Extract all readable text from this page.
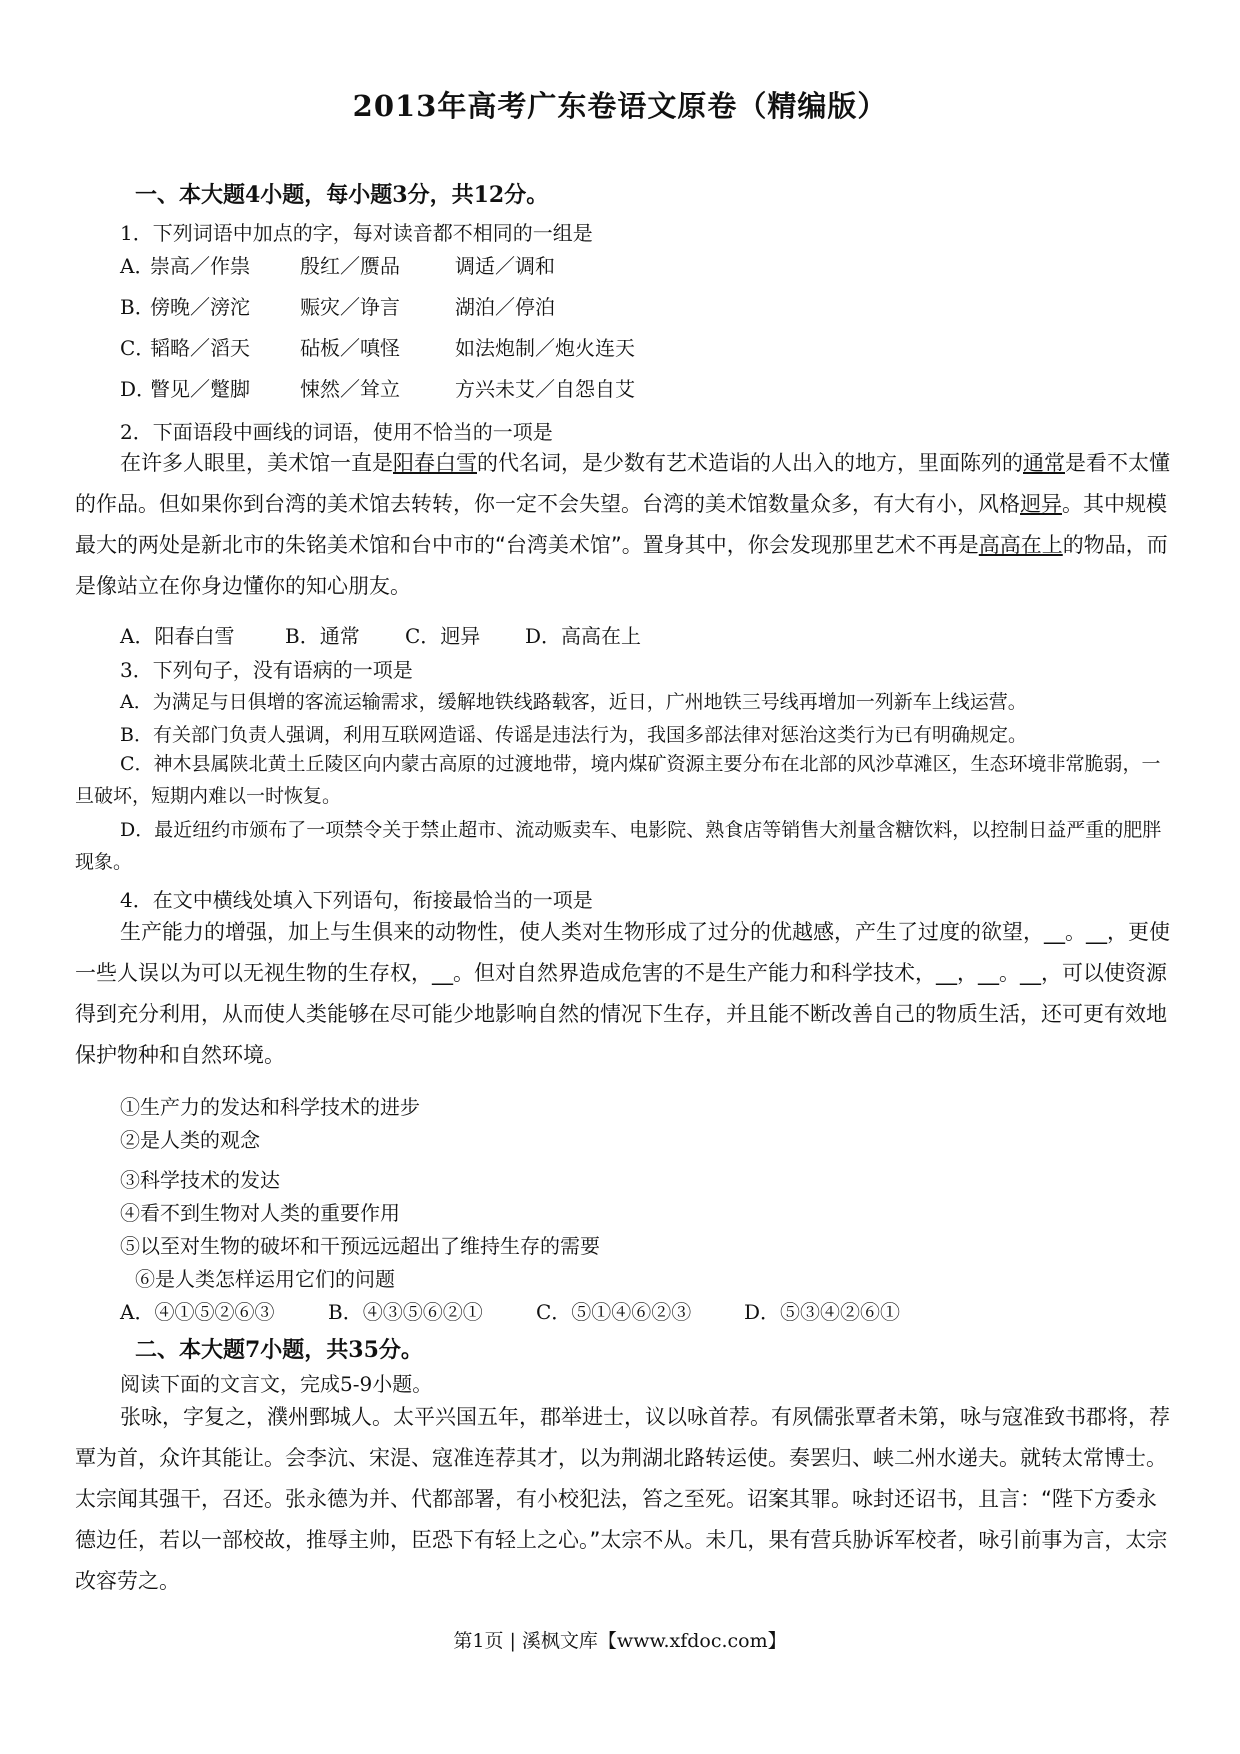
2013年高考广东卷语文原卷（精编版）
一、本大题4小题，每小题3分，共12分。
1．下列词语中加点的字，每对读音都不相同的一组是
A．崇高／作祟	殷红／赝品	调适／调和
B．傍晚／滂沱	赈灾／诤言	湖泊／停泊
C．韬略／滔天	砧板／嗔怪	如法炮制／炮火连天
D．瞥见／蹩脚	悚然／耸立	方兴未艾／自怨自艾
2．下面语段中画线的词语，使用不恰当的一项是

在许多人眼里，美术馆一直是阳春白雪的代名词，是少数有艺术造诣的人出入的地方，里面陈列的通常是看不太懂的作品。但如果你到台湾的美术馆去转转，你一定不会失望。台湾的美术馆数量众多，有大有小，风格迥异。其中规模最大的两处是新北市的朱铭美术馆和台中市的“台湾美术馆”。置身其中，你会发现那里艺术不再是高高在上的物品，而是像站立在你身边懂你的知心朋友。

A．阳春白雪	B．通常 C．迥异 D．高高在上
3．下列句子，没有语病的一项是
A．为满足与日俱增的客流运输需求，缓解地铁线路载客，近日，广州地铁三号线再增加一列新车上线运营。
B．有关部门负责人强调，利用互联网造谣、传谣是违法行为，我国多部法律对惩治这类行为已有明确规定。

C．神木县属陕北黄土丘陵区向内蒙古高原的过渡地带，境内煤矿资源主要分布在北部的风沙草滩区，生态环境非常脆弱，一旦破坏，短期内难以一时恢复。

D．最近纽约市颁布了一项禁令关于禁止超市、流动贩卖车、电影院、熟食店等销售大剂量含糖饮料，以控制日益严重的肥胖现象。

4．在文中横线处填入下列语句，衔接最恰当的一项是

生产能力的增强，加上与生俱来的动物性，使人类对生物形成了过分的优越感，产生了过度的欲望，__。__，更使一些人误以为可以无视生物的生存权，__。但对自然界造成危害的不是生产能力和科学技术，__，__。__，可以使资源得到充分利用，从而使人类能够在尽可能少地影响自然的情况下生存，并且能不断改善自己的物质生活，还可更有效地保护物种和自然环境。

①生产力的发达和科学技术的进步
②是人类的观念
③科学技术的发达
④看不到生物对人类的重要作用
⑤以至对生物的破坏和干预远远超出了维持生存的需要
⑥是人类怎样运用它们的问题
A．④①⑤②⑥③	B．④③⑤⑥②①	C．⑤①④⑥②③	D．⑤③④②⑥①
二、本大题7小题，共35分。
阅读下面的文言文，完成5-9小题。

张咏，字复之，濮州鄄城人。太平兴国五年，郡举进士，议以咏首荐。有夙儒张覃者未第，咏与寇准致书郡将，荐覃为首，众许其能让。会李沆、宋湜、寇准连荐其才，以为荆湖北路转运使。奏罢归、峡二州水递夫。就转太常博士。太宗闻其强干，召还。张永德为并、代都部署，有小校犯法，笞之至死。诏案其罪。咏封还诏书，且言：“陛下方委永德边任，若以一部校故，推辱主帅，臣恐下有轻上之心。”太宗不从。未几，果有营兵胁诉军校者，咏引前事为言，太宗改容劳之。

第1页 | 溪枫文库【www.xfdoc.com】
